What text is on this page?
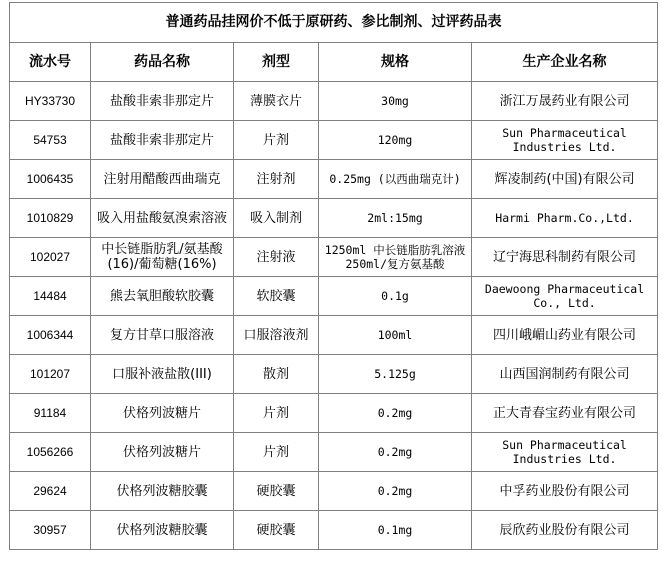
普通药品挂网价不低于原研药、参比制剂、过评药品表				
流水号	药品名称	剂型	规格	生产企业名称
HY33730	盐酸非索非那定片	薄膜衣片	30mg	浙江万晟药业有限公司
54753	盐酸非索非那定片	片剂	120mg	Sun Pharmaceutical Industries Ltd.
1006435	注射用醋酸西曲瑞克	注射剂	0.25mg (以西曲瑞克计)	辉凌制药(中国)有限公司
1010829	吸入用盐酸氨溴索溶液	吸入制剂	2ml:15mg	Harmi Pharm.Co.,Ltd.
102027	中长链脂肪乳/氨基酸(16)/葡萄糖(16%)	注射液	1250ml 中长链脂肪乳溶液250ml/复方氨基酸	辽宁海思科制药有限公司
14484	熊去氧胆酸软胶囊	软胶囊	0.1g	Daewoong Pharmaceutical Co., Ltd.
1006344	复方甘草口服溶液	口服溶液剂	100ml	四川峨嵋山药业有限公司
101207	口服补液盐散(III)	散剂	5.125g	山西国润制药有限公司
91184	伏格列波糖片	片剂	0.2mg	正大青春宝药业有限公司
1056266	伏格列波糖片	片剂	0.2mg	Sun Pharmaceutical Industries Ltd.
29624	伏格列波糖胶囊	硬胶囊	0.2mg	中孚药业股份有限公司
30957	伏格列波糖胶囊	硬胶囊	0.1mg	辰欣药业股份有限公司
